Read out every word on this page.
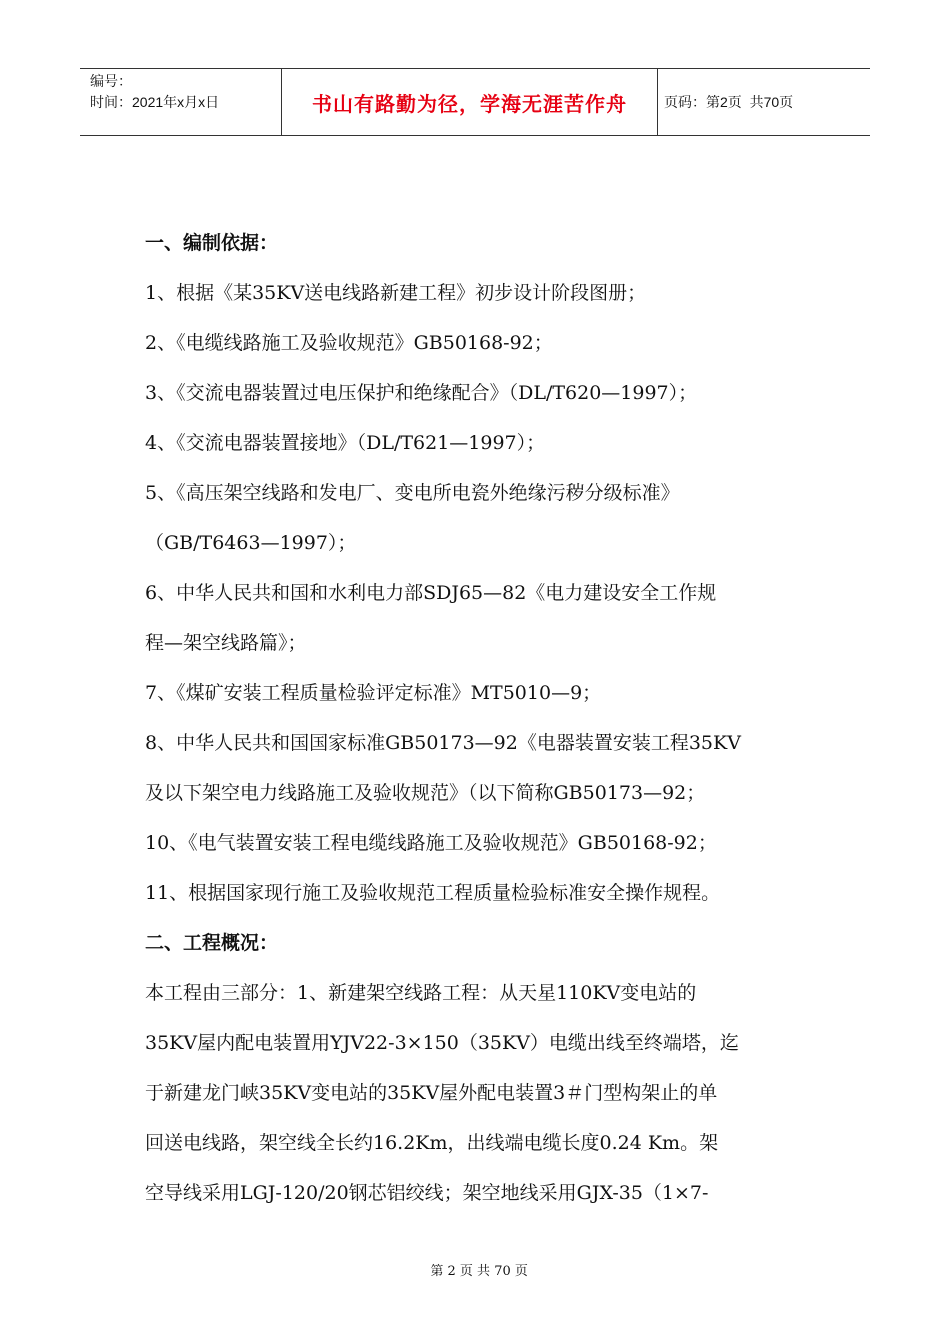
编号：
时间：2021年x月x日	书山有路勤为径，学海无涯苦作舟	页码：第2页  共70页

一、编制依据：

1、根据《某35KV送电线路新建工程》初步设计阶段图册；

2、《电缆线路施工及验收规范》GB50168-92；

3、《交流电器装置过电压保护和绝缘配合》（DL/T620—1997）；

4、《交流电器装置接地》（DL/T621—1997）；

5、《高压架空线路和发电厂、变电所电瓷外绝缘污秽分级标准》

（GB/T6463—1997）；

6、中华人民共和国和水利电力部SDJ65—82《电力建设安全工作规

程—架空线路篇》；

7、《煤矿安装工程质量检验评定标准》MT5010—9；

8、中华人民共和国国家标准GB50173—92《电器装置安装工程35KV

及以下架空电力线路施工及验收规范》（以下简称GB50173—92；

10、《电气装置安装工程电缆线路施工及验收规范》GB50168-92；

11、根据国家现行施工及验收规范工程质量检验标准安全操作规程。

二、工程概况：

本工程由三部分：1、新建架空线路工程：从天星110KV变电站的

35KV屋内配电装置用YJV22-3×150（35KV）电缆出线至终端塔，迄

于新建龙门峡35KV变电站的35KV屋外配电装置3＃门型构架止的单

回送电线路，架空线全长约16.2Km，出线端电缆长度0.24 Km。架

空导线采用LGJ-120/20钢芯铝绞线；架空地线采用GJX-35（1×7-

第 2 页 共 70 页
